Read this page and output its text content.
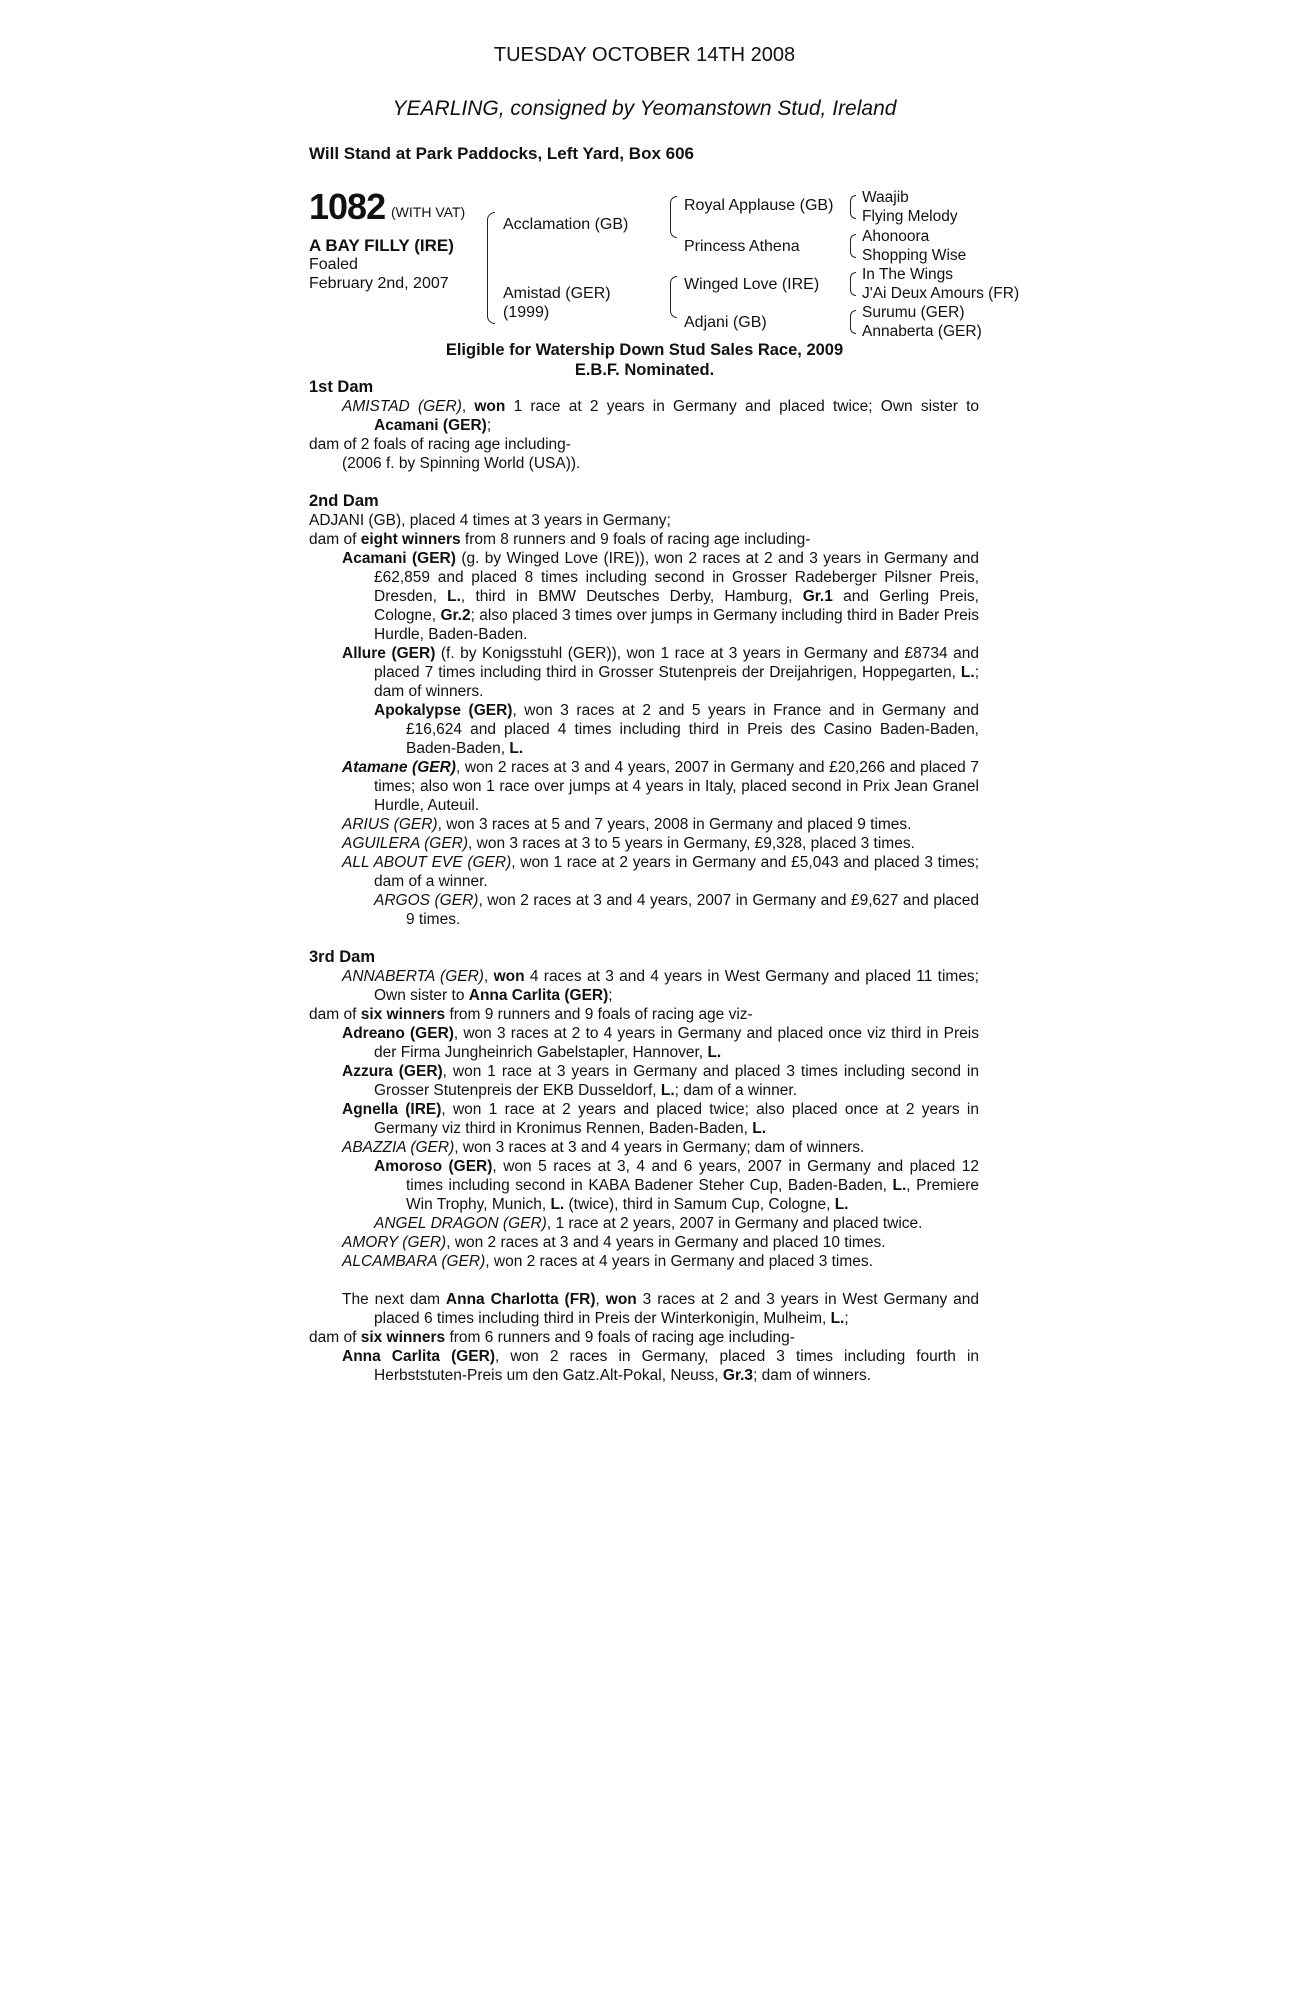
TUESDAY OCTOBER 14TH 2008
YEARLING, consigned by Yeomanstown Stud, Ireland
Will Stand at Park Paddocks, Left Yard, Box 606
1082 (WITH VAT)
A BAY FILLY (IRE)
Foaled
February 2nd, 2007
Acclamation (GB)
Amistad (GER)
(1999)
Royal Applause (GB)
Princess Athena
Winged Love (IRE)
Adjani (GB)
Waajib
Flying Melody
Ahonoora
Shopping Wise
In The Wings
J'Ai Deux Amours (FR)
Surumu (GER)
Annaberta (GER)
Eligible for Watership Down Stud Sales Race, 2009
E.B.F. Nominated.

1st Dam

AMISTAD (GER), won 1 race at 2 years in Germany and placed twice; Own sister to Acamani (GER);

dam of 2 foals of racing age including-

(2006 f. by Spinning World (USA)).

2nd Dam

ADJANI (GB), placed 4 times at 3 years in Germany;

dam of eight winners from 8 runners and 9 foals of racing age including-

Acamani (GER) (g. by Winged Love (IRE)), won 2 races at 2 and 3 years in Germany and £62,859 and placed 8 times including second in Grosser Radeberger Pilsner Preis, Dresden, L., third in BMW Deutsches Derby, Hamburg, Gr.1 and Gerling Preis, Cologne, Gr.2; also placed 3 times over jumps in Germany including third in Bader Preis Hurdle, Baden-Baden.

Allure (GER) (f. by Konigsstuhl (GER)), won 1 race at 3 years in Germany and £8734 and placed 7 times including third in Grosser Stutenpreis der Dreijahrigen, Hoppegarten, L.; dam of winners.

Apokalypse (GER), won 3 races at 2 and 5 years in France and in Germany and £16,624 and placed 4 times including third in Preis des Casino Baden-Baden, Baden-Baden, L.

Atamane (GER), won 2 races at 3 and 4 years, 2007 in Germany and £20,266 and placed 7 times; also won 1 race over jumps at 4 years in Italy, placed second in Prix Jean Granel Hurdle, Auteuil.

ARIUS (GER), won 3 races at 5 and 7 years, 2008 in Germany and placed 9 times.

AGUILERA (GER), won 3 races at 3 to 5 years in Germany, £9,328, placed 3 times.

ALL ABOUT EVE (GER), won 1 race at 2 years in Germany and £5,043 and placed 3 times; dam of a winner.

ARGOS (GER), won 2 races at 3 and 4 years, 2007 in Germany and £9,627 and placed 9 times.

3rd Dam

ANNABERTA (GER), won 4 races at 3 and 4 years in West Germany and placed 11 times; Own sister to Anna Carlita (GER);

dam of six winners from 9 runners and 9 foals of racing age viz-

Adreano (GER), won 3 races at 2 to 4 years in Germany and placed once viz third in Preis der Firma Jungheinrich Gabelstapler, Hannover, L.

Azzura (GER), won 1 race at 3 years in Germany and placed 3 times including second in Grosser Stutenpreis der EKB Dusseldorf, L.; dam of a winner.

Agnella (IRE), won 1 race at 2 years and placed twice; also placed once at 2 years in Germany viz third in Kronimus Rennen, Baden-Baden, L.

ABAZZIA (GER), won 3 races at 3 and 4 years in Germany; dam of winners.

Amoroso (GER), won 5 races at 3, 4 and 6 years, 2007 in Germany and placed 12 times including second in KABA Badener Steher Cup, Baden-Baden, L., Premiere Win Trophy, Munich, L. (twice), third in Samum Cup, Cologne, L.

ANGEL DRAGON (GER), 1 race at 2 years, 2007 in Germany and placed twice.

AMORY (GER), won 2 races at 3 and 4 years in Germany and placed 10 times.

ALCAMBARA (GER), won 2 races at 4 years in Germany and placed 3 times.

The next dam Anna Charlotta (FR), won 3 races at 2 and 3 years in West Germany and placed 6 times including third in Preis der Winterkonigin, Mulheim, L.;

dam of six winners from 6 runners and 9 foals of racing age including-

Anna Carlita (GER), won 2 races in Germany, placed 3 times including fourth in Herbststuten-Preis um den Gatz.Alt-Pokal, Neuss, Gr.3; dam of winners.
